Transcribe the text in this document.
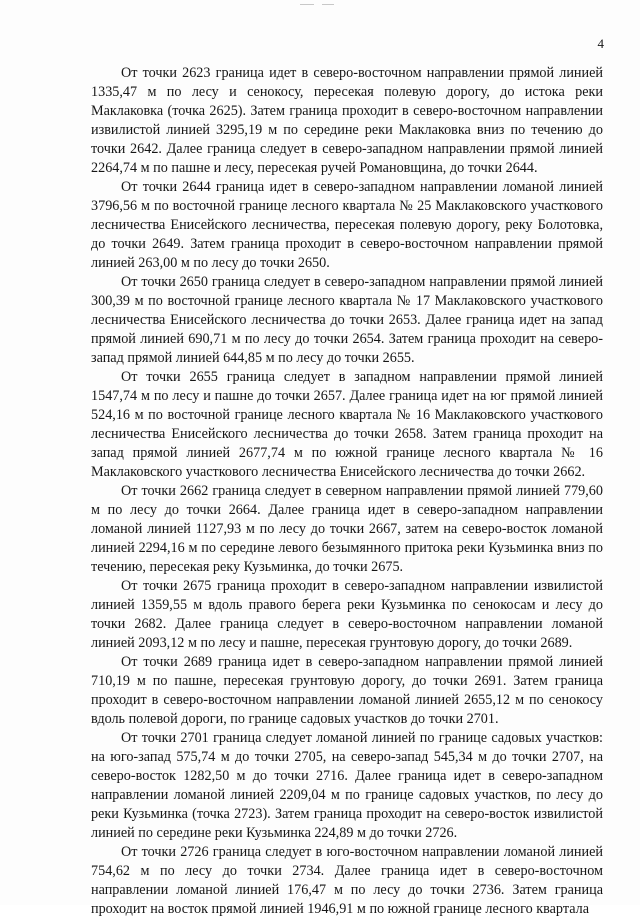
4

От точки 2623 граница идет в северо-восточном направлении прямой линией 1335,47 м по лесу и сенокосу, пересекая полевую дорогу, до истока реки Маклаковка (точка 2625). Затем граница проходит в северо-восточном направлении извилистой линией 3295,19 м по середине реки Маклаковка вниз по течению до точки 2642. Далее граница следует в северо-западном направлении прямой линией 2264,74 м по пашне и лесу, пересекая ручей Романовщина, до точки 2644.

От точки 2644 граница идет в северо-западном направлении ломаной линией 3796,56 м по восточной границе лесного квартала № 25 Маклаковского участкового лесничества Енисейского лесничества, пересекая полевую дорогу, реку Болотовка, до точки 2649. Затем граница проходит в северо-восточном направлении прямой линией 263,00 м по лесу до точки 2650.

От точки 2650 граница следует в северо-западном направлении прямой линией 300,39 м по восточной границе лесного квартала № 17 Маклаковского участкового лесничества Енисейского лесничества до точки 2653. Далее граница идет на запад прямой линией 690,71 м по лесу до точки 2654. Затем граница проходит на северо-запад прямой линией 644,85 м по лесу до точки 2655.

От точки 2655 граница следует в западном направлении прямой линией 1547,74 м по лесу и пашне до точки 2657. Далее граница идет на юг прямой линией 524,16 м по восточной границе лесного квартала № 16 Маклаковского участкового лесничества Енисейского лесничества до точки 2658. Затем граница проходит на запад прямой линией 2677,74 м по южной границе лесного квартала № 16 Маклаковского участкового лесничества Енисейского лесничества до точки 2662.

От точки 2662 граница следует в северном направлении прямой линией 779,60 м по лесу до точки 2664. Далее граница идет в северо-западном направлении ломаной линией 1127,93 м по лесу до точки 2667, затем на северо-восток ломаной линией 2294,16 м по середине левого безымянного притока реки Кузьминка вниз по течению, пересекая реку Кузьминка, до точки 2675.

От точки 2675 граница проходит в северо-западном направлении извилистой линией 1359,55 м вдоль правого берега реки Кузьминка по сенокосам и лесу до точки 2682. Далее граница следует в северо-восточном направлении ломаной линией 2093,12 м по лесу и пашне, пересекая грунтовую дорогу, до точки 2689.

От точки 2689 граница идет в северо-западном направлении прямой линией 710,19 м по пашне, пересекая грунтовую дорогу, до точки 2691. Затем граница проходит в северо-восточном направлении ломаной линией 2655,12 м по сенокосу вдоль полевой дороги, по границе садовых участков до точки 2701.

От точки 2701 граница следует ломаной линией по границе садовых участков: на юго-запад 575,74 м до точки 2705, на северо-запад 545,34 м до точки 2707, на северо-восток 1282,50 м до точки 2716. Далее граница идет в северо-западном направлении ломаной линией 2209,04 м по границе садовых участков, по лесу до реки Кузьминка (точка 2723). Затем граница проходит на северо-восток извилистой линией по середине реки Кузьминка 224,89 м до точки 2726.

От точки 2726 граница следует в юго-восточном направлении ломаной линией 754,62 м по лесу до точки 2734. Далее граница идет в северо-восточном направлении ломаной линией 176,47 м по лесу до точки 2736. Затем граница проходит на восток прямой линией 1946,91 м по южной границе лесного квартала
